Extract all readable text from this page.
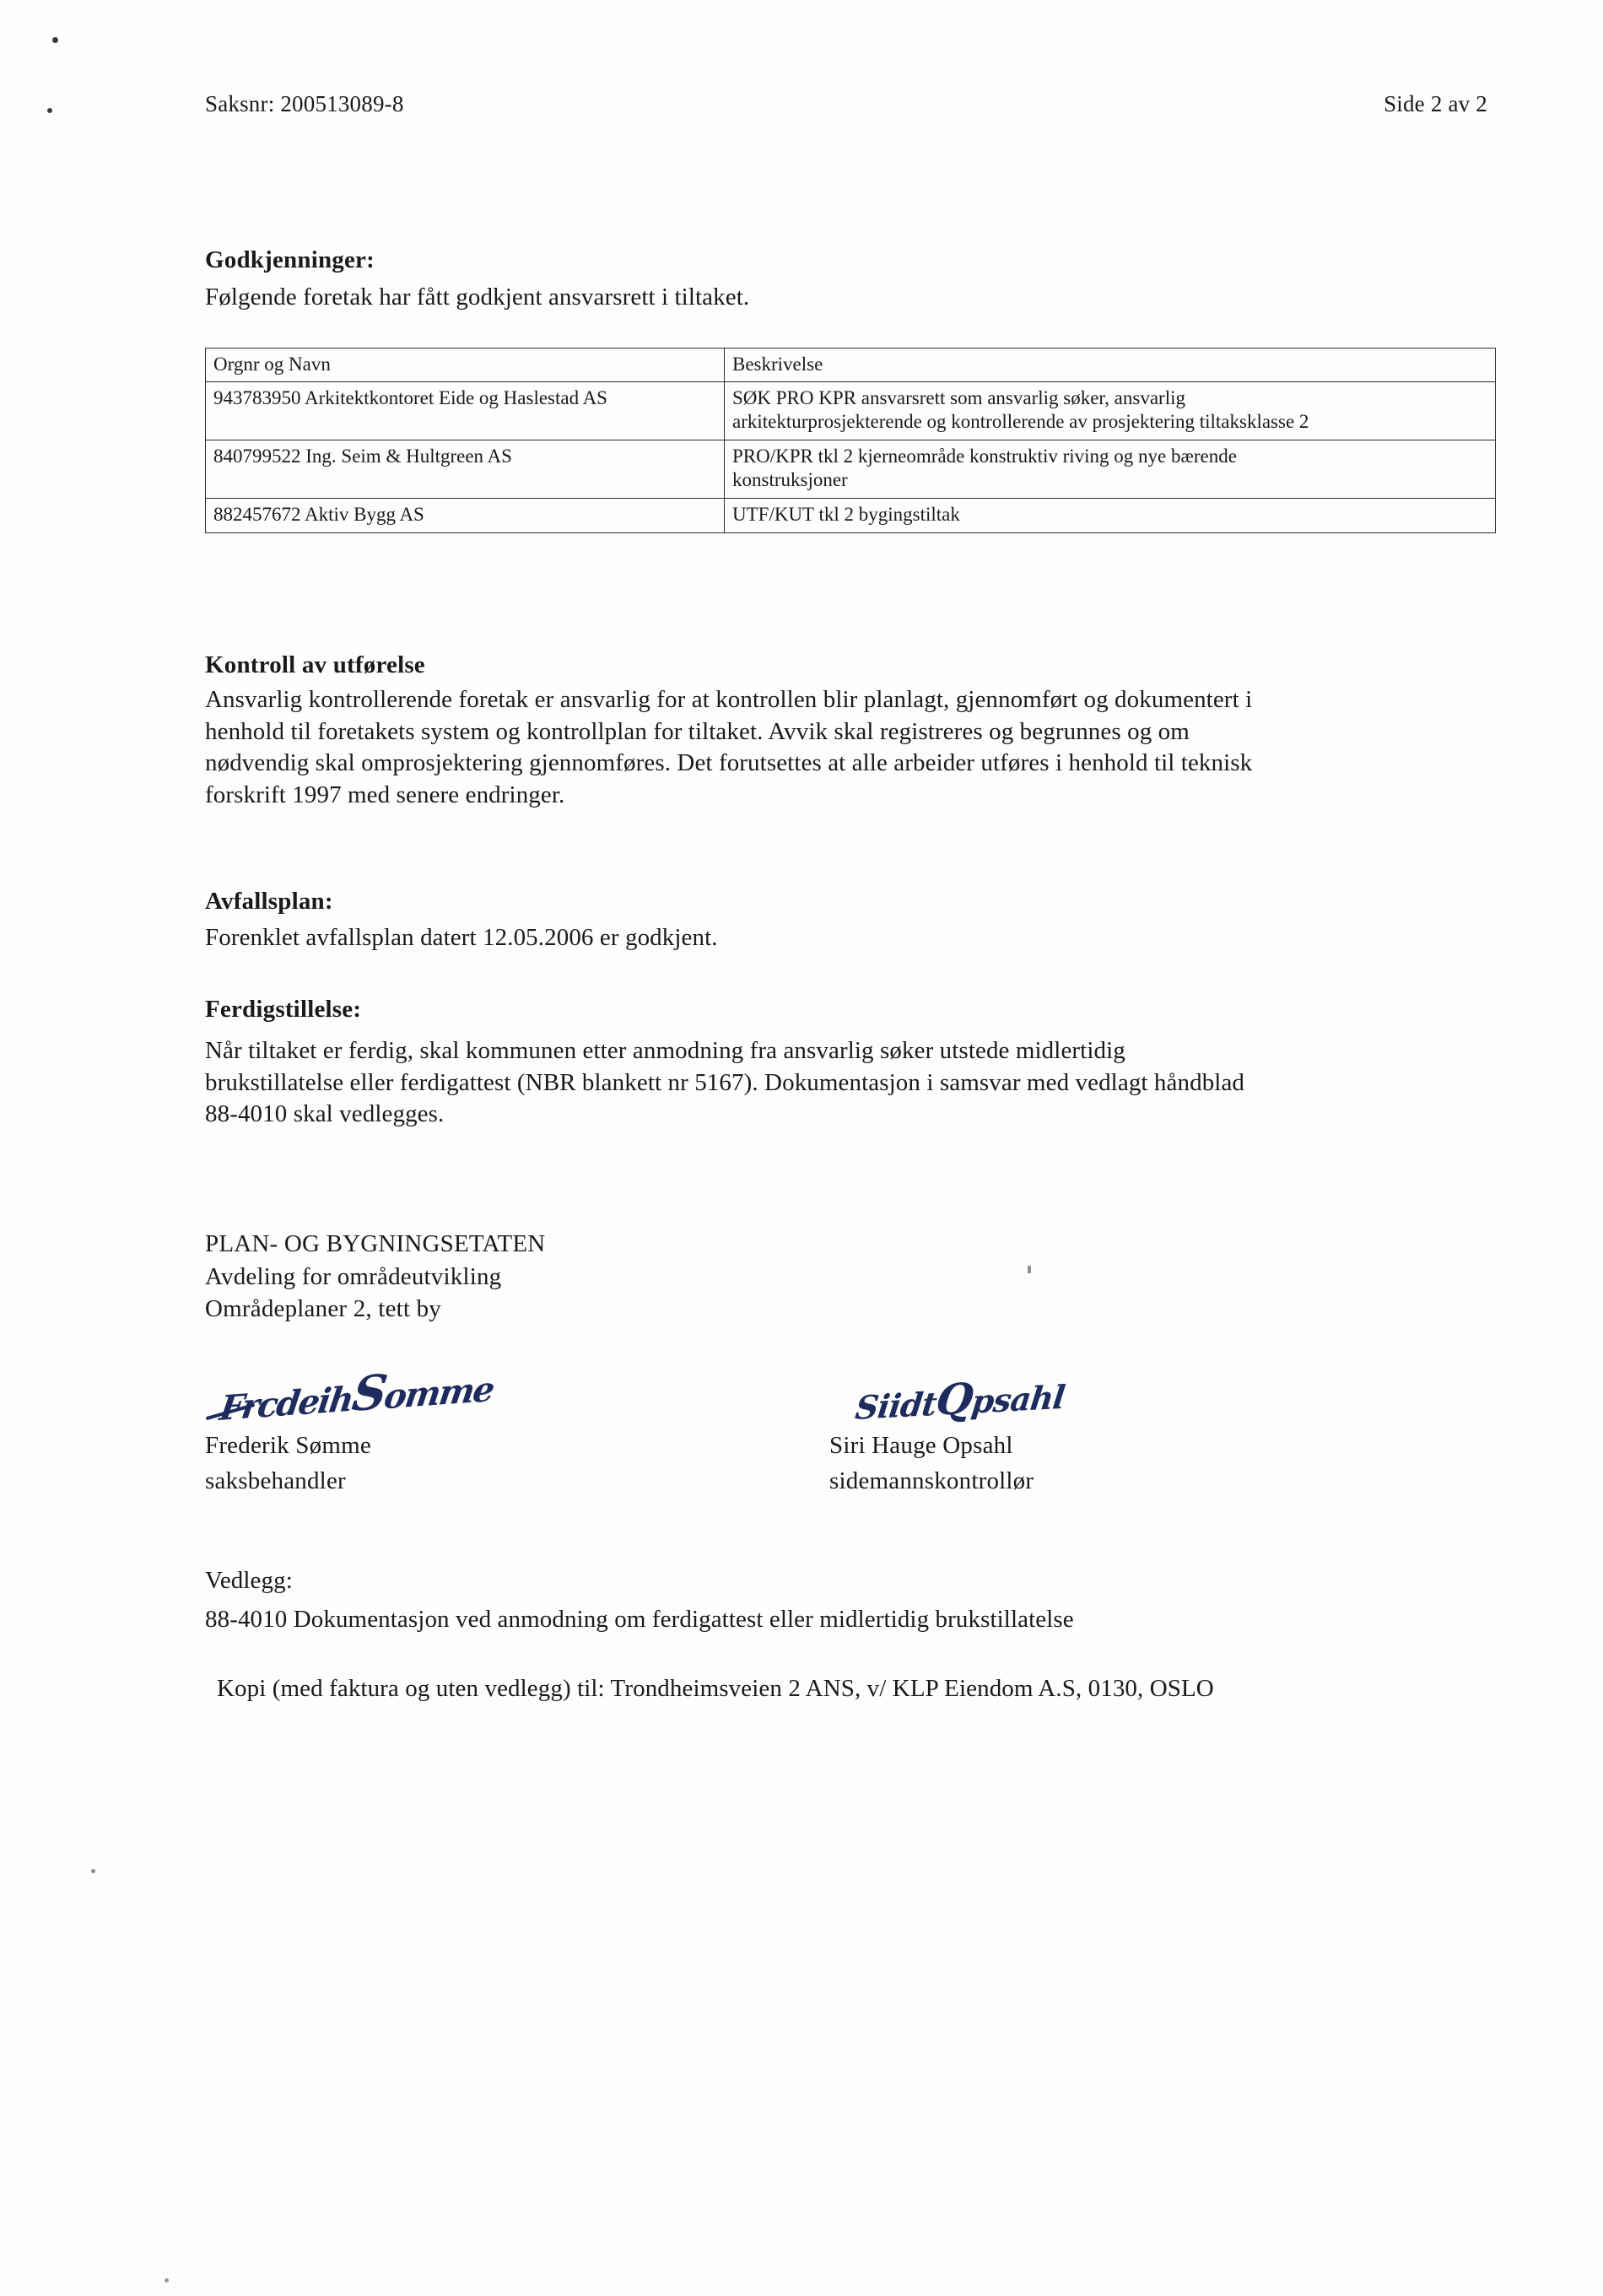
Saksnr: 200513089-8	Side 2 av 2
Godkjenninger:
Følgende foretak har fått godkjent ansvarsrett i tiltaket.
Orgnr og Navn	Beskrivelse
943783950 Arkitektkontoret Eide og Haslestad AS	SØK PRO KPR ansvarsrett som ansvarlig søker, ansvarlig
arkitekturprosjekterende og kontrollerende av prosjektering tiltaksklasse 2

840799522 Ing. Seim & Hultgreen AS	PRO/KPR tkl 2 kjerneområde konstruktiv riving og nye bærende
konstruksjoner

882457672 Aktiv Bygg AS	UTF/KUT tkl 2 bygingstiltak
Kontroll av utførelse
Ansvarlig kontrollerende foretak er ansvarlig for at kontrollen blir planlagt, gjennomført og dokumentert i
henhold til foretakets system og kontrollplan for tiltaket. Avvik skal registreres og begrunnes og om
nødvendig skal omprosjektering gjennomføres. Det forutsettes at alle arbeider utføres i henhold til teknisk
forskrift 1997 med senere endringer.
Avfallsplan:
Forenklet avfallsplan datert 12.05.2006 er godkjent.
Ferdigstillelse:
Når tiltaket er ferdig, skal kommunen etter anmodning fra ansvarlig søker utstede midlertidig
brukstillatelse eller ferdigattest (NBR blankett nr 5167). Dokumentasjon i samsvar med vedlagt håndblad
88-4010 skal vedlegges.
PLAN- OG BYGNINGSETATEN
Avdeling for områdeutvikling
Områdeplaner 2, tett by
FrcdeihSomme
Frederik Sømme
saksbehandler
SiidtQpsahl
Siri Hauge Opsahl
sidemannskontrollør
Vedlegg:
88-4010 Dokumentasjon ved anmodning om ferdigattest eller midlertidig brukstillatelse
Kopi (med faktura og uten vedlegg) til: Trondheimsveien 2 ANS, v/ KLP Eiendom A.S, 0130, OSLO
